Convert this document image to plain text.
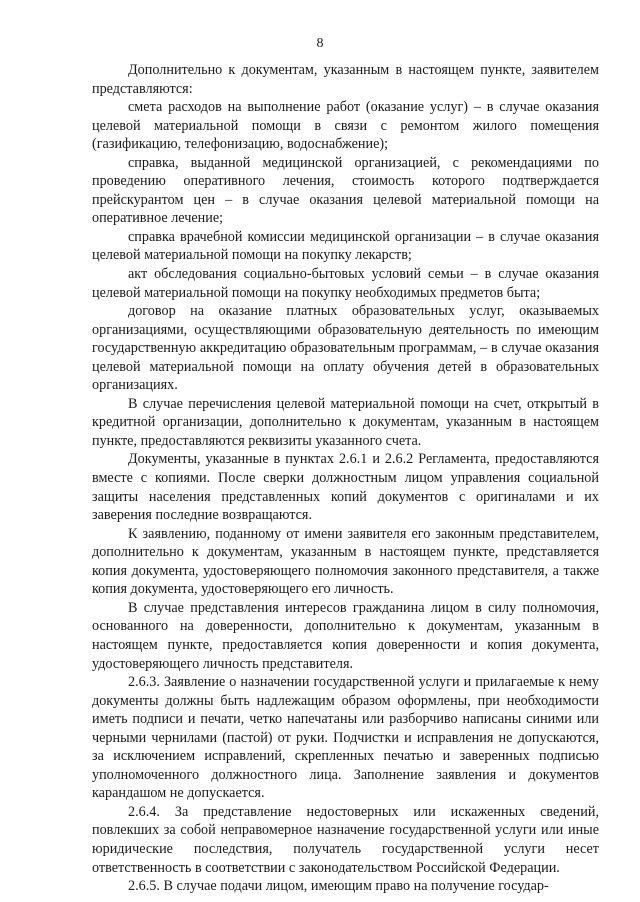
8

Дополнительно к документам, указанным в настоящем пункте, заявителем представляются:

смета расходов на выполнение работ (оказание услуг) – в случае оказания целевой материальной помощи в связи с ремонтом жилого помещения (газификацию, телефонизацию, водоснабжение);

справка, выданной медицинской организацией, с рекомендациями по проведению оперативного лечения, стоимость которого подтверждается прейскурантом цен – в случае оказания целевой материальной помощи на оперативное лечение;

справка врачебной комиссии медицинской организации – в случае оказания целевой материальной помощи на покупку лекарств;

акт обследования социально-бытовых условий семьи – в случае оказания целевой материальной помощи на покупку необходимых предметов быта;

договор на оказание платных образовательных услуг, оказываемых организациями, осуществляющими образовательную деятельность по имеющим государственную аккредитацию образовательным программам, – в случае оказания целевой материальной помощи на оплату обучения детей в образовательных организациях.

В случае перечисления целевой материальной помощи на счет, открытый в кредитной организации, дополнительно к документам, указанным в настоящем пункте, предоставляются реквизиты указанного счета.

Документы, указанные в пунктах 2.6.1 и 2.6.2 Регламента, предоставляются вместе с копиями. После сверки должностным лицом управления социальной защиты населения представленных копий документов с оригиналами и их заверения последние возвращаются.

К заявлению, поданному от имени заявителя его законным представителем, дополнительно к документам, указанным в настоящем пункте, представляется копия документа, удостоверяющего полномочия законного представителя, а также копия документа, удостоверяющего его личность.

В случае представления интересов гражданина лицом в силу полномочия, основанного на доверенности, дополнительно к документам, указанным в настоящем пункте, предоставляется копия доверенности и копия документа, удостоверяющего личность представителя.

2.6.3. Заявление о назначении государственной услуги и прилагаемые к нему документы должны быть надлежащим образом оформлены, при необходимости иметь подписи и печати, четко напечатаны или разборчиво написаны синими или черными чернилами (пастой) от руки. Подчистки и исправления не допускаются, за исключением исправлений, скрепленных печатью и заверенных подписью уполномоченного должностного лица. Заполнение заявления и документов карандашом не допускается.

2.6.4. За представление недостоверных или искаженных сведений, повлекших за собой неправомерное назначение государственной услуги или иные юридические последствия, получатель государственной услуги несет ответственность в соответствии с законодательством Российской Федерации.

2.6.5. В случае подачи лицом, имеющим право на получение государ-
